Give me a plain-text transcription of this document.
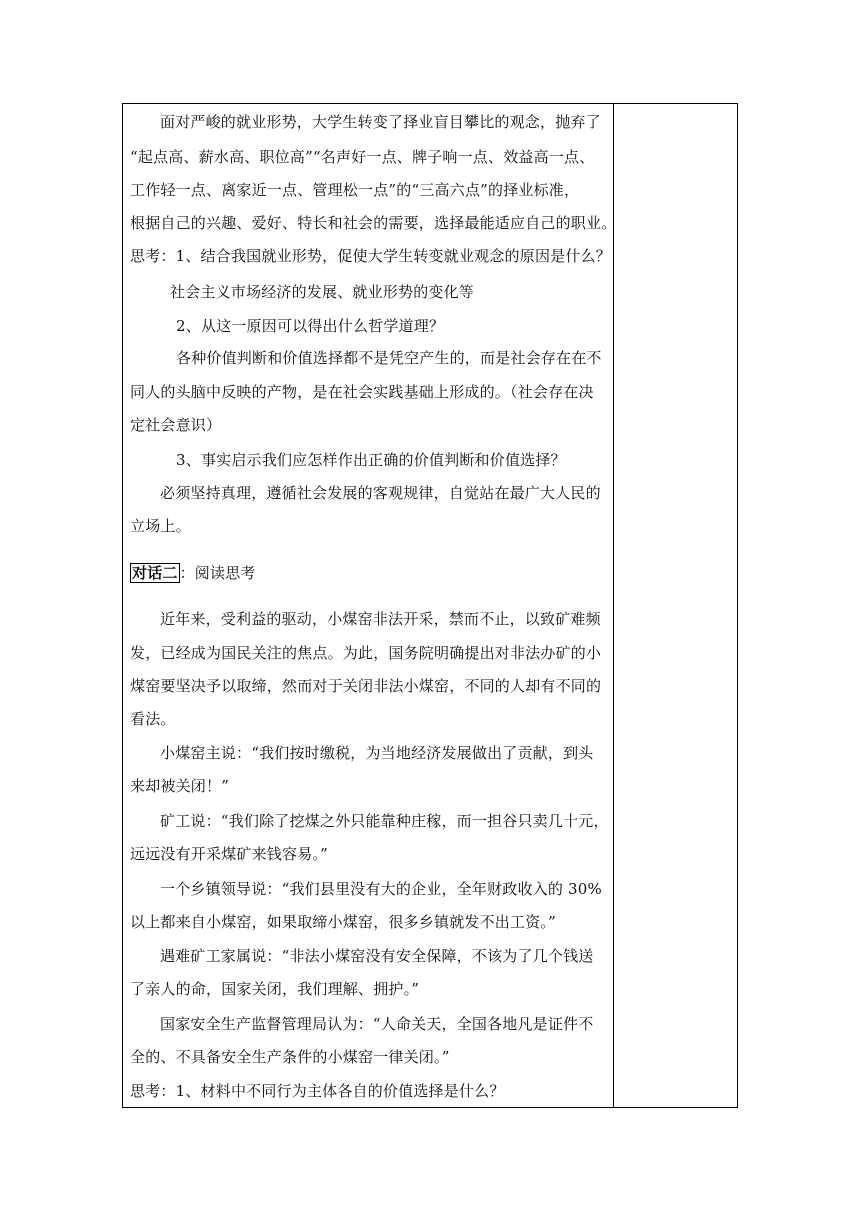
面对严峻的就业形势，大学生转变了择业盲目攀比的观念，抛弃了
“起点高、薪水高、职位高”“名声好一点、牌子响一点、效益高一点、
工作轻一点、离家近一点、管理松一点”的“三高六点”的择业标准，
根据自己的兴趣、爱好、特长和社会的需要，选择最能适应自己的职业。
思考：1、结合我国就业形势，促使大学生转变就业观念的原因是什么？
社会主义市场经济的发展、就业形势的变化等
2、从这一原因可以得出什么哲学道理？
各种价值判断和价值选择都不是凭空产生的，而是社会存在在不
同人的头脑中反映的产物，是在社会实践基础上形成的。（社会存在决
定社会意识）
3、事实启示我们应怎样作出正确的价值判断和价值选择？
必须坚持真理，遵循社会发展的客观规律，自觉站在最广大人民的
立场上。
对话二 ：阅读思考
近年来，受利益的驱动，小煤窑非法开采，禁而不止，以致矿难频
发，已经成为国民关注的焦点。为此，国务院明确提出对非法办矿的小
煤窑要坚决予以取缔，然而对于关闭非法小煤窑，不同的人却有不同的
看法。
小煤窑主说：“我们按时缴税，为当地经济发展做出了贡献，到头
来却被关闭！”
矿工说：“我们除了挖煤之外只能靠种庄稼，而一担谷只卖几十元，
远远没有开采煤矿来钱容易。”
一个乡镇领导说：“我们县里没有大的企业，全年财政收入的 30%
以上都来自小煤窑，如果取缔小煤窑，很多乡镇就发不出工资。”
遇难矿工家属说：“非法小煤窑没有安全保障，不该为了几个钱送
了亲人的命，国家关闭，我们理解、拥护。”
国家安全生产监督管理局认为：“人命关天，全国各地凡是证件不
全的、不具备安全生产条件的小煤窑一律关闭。”
思考：1、材料中不同行为主体各自的价值选择是什么？
